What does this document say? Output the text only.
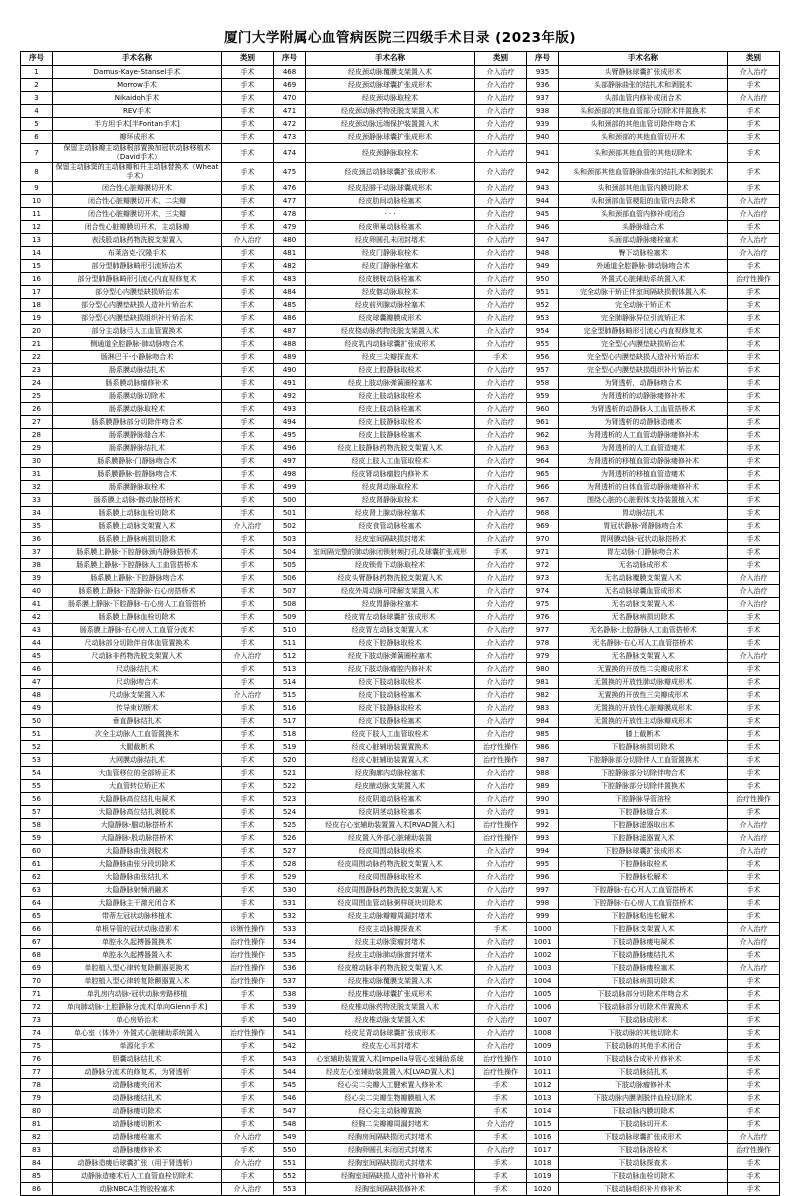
厦门大学附属心血管病医院三四级手术目录 (2023年版)
序号	手术名称	类别	序号	手术名称	类别	序号	手术名称	类别
1	Damus-Kaye-Stansel手术	手术	468	经皮颈动脉覆膜支架置入术	介入治疗	935	头臂静脉球囊扩张成形术	介入治疗
2	Morrow手术	手术	469	经皮颈动脉球囊扩张成形术	介入治疗	936	头部静脉曲张的结扎术和剥脱术	手术
3	Nikaidoh手术	手术	470	经皮颈动脉取栓术	介入治疗	937	头部血管内修补或闭合术	介入治疗
4	REV手术	手术	471	经皮颈动脉药物洗脱支架置入术	介入治疗	938	头和颈部的其他血管部分切除术伴置换术	手术
5	半方坦手术[半Fontan手术]	手术	472	经皮颈动脉远端保护装置置入术	介入治疗	939	头和颈部的其他血管切除伴吻合术	手术
6	瓣环成形术	手术	473	经皮颈静脉球囊扩张成形术	介入治疗	940	头和颈部的其他血管切开术	手术
7	保留主动脉瓣主动脉根部置换加冠状动脉移植术（David手术）	手术	474	经皮颈静脉取栓术	介入治疗	941	头和颈部其他血管的其他切除术	手术
8	保留主动脉窦的主动脉瓣和升主动脉替换术（Wheat手术）	手术	475	经皮颈总动脉球囊扩张成形术	介入治疗	942	头和颈部其他血管静脉曲张的结扎术和剥脱术	手术
9	闭合性心脏瓣膜切开术	手术	476	经皮胫腓干动脉球囊成形术	介入治疗	943	头和颈部其他血管内膜切除术	手术
10	闭合性心脏瓣膜切开术，二尖瓣	手术	477	经皮肋间动脉栓塞术	介入治疗	944	头和颈部血管梗阻的血管内去除术	介入治疗
11	闭合性心脏瓣膜切开术，三尖瓣	手术	478	· · ·	介入治疗	945	头和颈部血管内修补或闭合	介入治疗
12	闭合性心脏瓣膜切开术，主动脉瓣	手术	479	经皮卵巢动脉栓塞术	介入治疗	946	头静脉缝合术	手术
13	表浅股动脉药物洗脱支架置入	介入治疗	480	经皮卵圆孔未闭封堵术	介入治疗	947	头面部动静脉瘘栓塞术	介入治疗
14	布莱洛克-汉隆手术	手术	481	经皮门静脉取栓术	介入治疗	948	臀下动脉栓塞术	介入治疗
15	部分型肺静脉畸形引流矫治术	手术	482	经皮门静脉栓塞术	介入治疗	949	外通道全腔静脉-肺动脉吻合术	手术
16	部分型肺静脉畸形引流心内直视修复术	手术	483	经皮膀胱动脉栓塞术	介入治疗	950	外置式心脏辅助系统置入术	治疗性操作
17	部分型心内膜垫缺损矫治术	手术	484	经皮髂动脉取栓术	介入治疗	951	完全动脉干矫正伴室间隔缺损假体置入术	手术
18	部分型心内膜垫缺损人造补片矫治术	手术	485	经皮前列腺动脉栓塞术	介入治疗	952	完全动脉干矫正术	手术
19	部分型心内膜垫缺损组织补片矫治术	手术	486	经皮球囊瓣膜成形术	介入治疗	953	完全肺静脉异位引流矫正术	手术
20	部分主动脉弓人工血管置换术	手术	487	经皮桡动脉药物洗脱支架置入术	介入治疗	954	完全型肺静脉畸形引流心内直视修复术	手术
21	侧通道全腔静脉-肺动脉吻合术	手术	488	经皮乳内动脉球囊扩张成形术	介入治疗	955	完全型心内膜垫缺损矫治术	手术
22	肠淋巴干-小静脉吻合术	手术	489	经皮三尖瓣探查术	手术	956	完全型心内膜垫缺损人造补片矫治术	手术
23	肠系膜动脉结扎术	手术	490	经皮上腔静脉取栓术	介入治疗	957	完全型心内膜垫缺损组织补片矫治术	手术
24	肠系膜动脉瘤修补术	手术	491	经皮上肢动脉弹簧圈栓塞术	介入治疗	958	为肾透析，动静脉吻合术	手术
25	肠系膜动脉切除术	手术	492	经皮上肢动脉取栓术	介入治疗	959	为肾透析的动静脉瘘修补术	手术
26	肠系膜动脉取栓术	手术	493	经皮上肢动脉栓塞术	介入治疗	960	为肾透析的动静脉人工血管搭桥术	手术
27	肠系膜静脉部分切除伴吻合术	手术	494	经皮上肢静脉取栓术	介入治疗	961	为肾透析的动静脉造瘘术	手术
28	肠系膜静脉缝合术	手术	495	经皮上肢静脉栓塞术	介入治疗	962	为肾透析的人工血管动静脉瘘修补术	手术
29	肠系膜静脉结扎术	手术	496	经皮上肢静脉药物洗脱支架置入术	介入治疗	963	为肾透析的人工血管造瘘术	手术
30	肠系膜静脉-门静脉吻合术	手术	497	经皮上肢人工血管取栓术	介入治疗	964	为肾透析的移植血管动静脉瘘修补术	手术
31	肠系膜静脉-腔静脉吻合术	手术	498	经皮肾动脉瘤腔内修补术	介入治疗	965	为肾透析的移植血管造瘘术	手术
32	肠系膜静脉取栓术	手术	499	经皮肾动脉取栓术	介入治疗	966	为肾透析的自体血管动静脉瘘修补术	手术
33	肠系膜上动脉-髂动脉搭桥术	手术	500	经皮肾静脉取栓术	介入治疗	967	围绕心脏的心脏假体支持装置植入术	手术
34	肠系膜上动脉血栓切除术	手术	501	经皮肾上腺动脉栓塞术	介入治疗	968	胃动脉结扎术	手术
35	肠系膜上动脉支架置入术	介入治疗	502	经皮食管动脉栓塞术	介入治疗	969	胃冠状静脉-肾静脉吻合术	手术
36	肠系膜上静脉病损切除术	手术	503	经皮室间隔缺损封堵术	介入治疗	970	胃网膜动脉-冠状动脉搭桥术	手术
37	肠系膜上静脉-下腔静脉颈内静脉搭桥术	手术	504	室间隔完整的肺动脉闭锁射频打孔及球囊扩张成形	手术	971	胃左动脉-门静脉吻合术	手术
38	肠系膜上静脉-下腔静脉人工血管搭桥术	手术	505	经皮锁骨下动脉取栓术	介入治疗	972	无名动脉成形术	手术
39	肠系膜上静脉-下腔静脉吻合术	手术	506	经皮头臂静脉药物洗脱支架置入术	介入治疗	973	无名动脉覆膜支架置入术	介入治疗
40	肠系膜上静脉-下腔静脉-右心房搭桥术	手术	507	经皮外周动脉可降解支架置入术	介入治疗	974	无名动脉球囊血管成形术	介入治疗
41	肠系膜上静脉-下腔静脉-右心房人工血管搭桥	手术	508	经皮胃静脉栓塞术	介入治疗	975	无名动脉支架置入术	介入治疗
42	肠系膜上静脉血栓切除术	手术	509	经皮胃左动脉球囊扩张成形术	介入治疗	976	无名静脉病损切除术	手术
43	肠系膜上静脉-右心房人工血管分流术	手术	510	经皮胃左动脉支架置入术	介入治疗	977	无名静脉-上腔静脉人工血管搭桥术	手术
44	尺动脉部分切除伴自体血管置换术	手术	511	经皮下腔静脉取栓术	介入治疗	978	无名静脉-右心耳人工血管搭桥术	手术
45	尺动脉非药物洗脱支架置入术	介入治疗	512	经皮下肢动脉弹簧圈栓塞术	介入治疗	979	无名静脉支架置入术	介入治疗
46	尺动脉结扎术	手术	513	经皮下肢动脉瘤腔内修补术	介入治疗	980	无置换的开放性二尖瓣成形术	手术
47	尺动脉吻合术	手术	514	经皮下肢动脉取栓术	介入治疗	981	无置换的开放性肺动脉瓣成形术	手术
48	尺动脉支架置入术	介入治疗	515	经皮下肢动脉栓塞术	介入治疗	982	无置换的开放性三尖瓣成形术	手术
49	传导束切断术	手术	516	经皮下肢静脉取栓术	介入治疗	983	无置换的开放性心脏瓣膜成形术	手术
50	垂直静脉结扎术	手术	517	经皮下肢静脉栓塞术	介入治疗	984	无置换的开放性主动脉瓣成形术	手术
51	次全主动脉人工血管置换术	手术	518	经皮下肢人工血管取栓术	介入治疗	985	膝上截断术	手术
52	大腿截断术	手术	519	经皮心脏辅助装置置换术	治疗性操作	986	下腔静脉病损切除术	手术
53	大网膜动脉结扎术	手术	520	经皮心脏辅助装置置入术	治疗性操作	987	下腔静脉部分切除伴人工血管置换术	手术
54	大血管移位的全部矫正术	手术	521	经皮胸廓内动脉栓塞术	介入治疗	988	下腔静脉部分切除伴吻合术	手术
55	大血管转位矫正术	手术	522	经皮腋动脉支架置入术	介入治疗	989	下腔静脉部分切除伴置换术	手术
56	大隐静脉高位结扎电凝术	手术	523	经皮阴道动脉栓塞术	介入治疗	990	下腔静脉导管溶栓	治疗性操作
57	大隐静脉高位结扎剥脱术	手术	524	经皮阴茎动脉栓塞术	介入治疗	991	下腔静脉缝合术	手术
58	大隐静脉-腘动脉搭桥术	手术	525	经皮右心室辅助装置置入术[RVAD置入术]	治疗性操作	992	下腔静脉滤器取出术	介入治疗
59	大隐静脉-股动脉搭桥术	手术	526	经皮置入外部心脏辅助装置	治疗性操作	993	下腔静脉滤器置入术	介入治疗
60	大隐静脉曲张剥脱术	手术	527	经皮周围动脉取栓术	介入治疗	994	下腔静脉球囊扩张成形术	介入治疗
61	大隐静脉曲张分段切除术	手术	528	经皮周围动脉药物洗脱支架置入术	介入治疗	995	下腔静脉取栓术	手术
62	大隐静脉曲张结扎术	手术	529	经皮周围静脉取栓术	介入治疗	996	下腔静脉松解术	手术
63	大隐静脉射频消融术	手术	530	经皮周围静脉药物洗脱支架置入术	介入治疗	997	下腔静脉-右心耳人工血管搭桥术	手术
64	大隐静脉主干激光闭合术	手术	531	经皮周围血管动脉粥样斑块切除术	介入治疗	998	下腔静脉-右心房人工血管搭桥术	手术
65	带蒂左冠状动脉移植术	手术	532	经皮主动脉瓣瓣周漏封堵术	介入治疗	999	下腔静脉粘连松解术	手术
66	单根导管的冠状动脉造影术	诊断性操作	533	经皮主动脉瓣探查术	手术	1000	下腔静脉支架置入术	介入治疗
67	单腔永久起搏器置换术	治疗性操作	534	经皮主动脉窦瘤封堵术	介入治疗	1001	下肢动静脉瘘电凝术	介入治疗
68	单腔永久起搏器置入术	治疗性操作	535	经皮主动脉肺动脉窗封堵术	介入治疗	1002	下肢动静脉瘘结扎术	手术
69	单腔植入型心律转复除颤器更换术	治疗性操作	536	经皮椎动脉非药物洗脱支架置入术	介入治疗	1003	下肢动静脉瘘栓塞术	介入治疗
70	单腔植入型心律转复除颤器置入术	治疗性操作	537	经皮椎动脉覆膜支架置入术	介入治疗	1004	下肢动脉病损切除术	手术
71	单乳房内动脉-冠状动脉旁路移植	手术	538	经皮椎动脉球囊扩张成形术	介入治疗	1005	下肢动脉部分切除术伴吻合术	手术
72	单向肺动脉-上腔静脉分流术[单向Glenn手术]	手术	539	经皮椎动脉药物洗脱支架置入术	介入治疗	1006	下肢动脉部分切除术伴置换术	手术
73	单心房矫治术	手术	540	经皮椎动脉支架置入术	介入治疗	1007	下肢动脉成形术	手术
74	单心室（体外）外置式心脏辅助系统置入	治疗性操作	541	经皮足背动脉球囊扩张成形术	介入治疗	1008	下肢动脉的其他切除术	手术
75	单源化手术	手术	542	经皮左心耳封堵术	介入治疗	1009	下肢动脉的其他手术闭合	手术
76	胆囊动脉结扎术	手术	543	心室辅助装置置入术[Impella导管心室辅助系统	治疗性操作	1010	下肢动脉合成补片修补术	手术
77	动静脉分流术的修复术，为肾透析	手术	544	经皮左心室辅助装置置入术[LVAD置入术]	治疗性操作	1011	下肢动脉结扎术	手术
78	动静脉瘘夹闭术	手术	545	经心尖二尖瓣人工腱索置入修补术	手术	1012	下肢动脉瘤修补术	手术
79	动静脉瘘结扎术	手术	546	经心尖二尖瓣生物瓣膜植入术	手术	1013	下肢动脉内膜剥脱伴血栓切除术	手术
80	动静脉瘘切除术	手术	547	经心尖主动脉瓣置换	手术	1014	下肢动脉内膜切除术	手术
81	动静脉瘘切断术	手术	548	经胸二尖瓣瓣周漏封堵术	介入治疗	1015	下肢动脉切开术	手术
82	动静脉瘘栓塞术	介入治疗	549	经胸房间隔缺损闭式封堵术	手术	1016	下肢动脉球囊扩张成形术	介入治疗
83	动静脉瘘修补术	手术	550	经胸卵圆孔未闭闭式封堵术	介入治疗	1017	下肢动脉溶栓术	治疗性操作
84	动静脉造瘘后球囊扩张（用于肾透析）	介入治疗	551	经胸室间隔缺损闭式封堵术	手术	1018	下肢动脉探查术	手术
85	动静脉造瘘术后人工血管血栓切除术	手术	552	经胸室间隔缺损人造补片修补术	手术	1019	下肢动脉血栓切除术	手术
86	动脉NBCA生物胶栓塞术	介入治疗	553	经胸室间隔缺损修补术	手术	1020	下肢动脉组织补片修补术	手术
